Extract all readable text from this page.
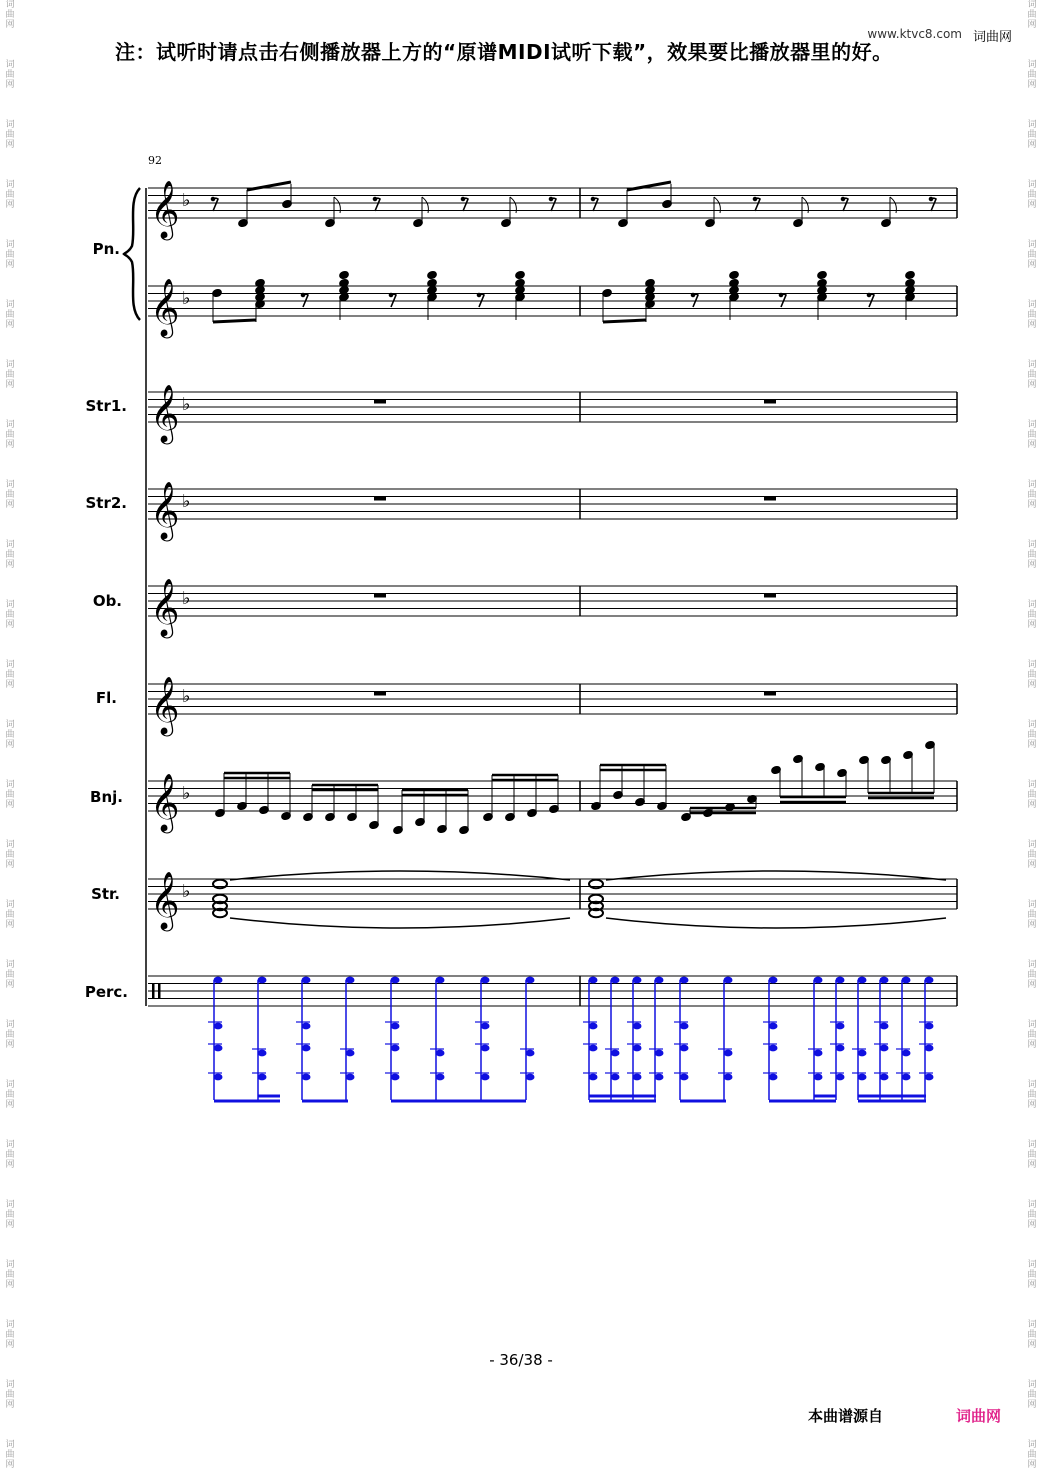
注：试听时请点击右侧播放器上方的“原谱MIDI试听下载”，效果要比播放器里的好。
www.ktvc8.com 词曲网
词
曲
网
词
曲
网
词
曲
网
词
曲
网
词
曲
网
词
曲
网
词
曲
网
词
曲
网
词
曲
网
词
曲
网
词
曲
网
词
曲
网
词
曲
网
词
曲
网
词
曲
网
词
曲
网
词
曲
网
词
曲
网
词
曲
网
词
曲
网
词
曲
网
词
曲
网
词
曲
网
词
曲
网
词
曲
网
词
曲
网
词
曲
网
词
曲
网
词
曲
网
词
曲
网
词
曲
网
词
曲
网
词
曲
网
词
曲
网
词
曲
网
词
曲
网
词
曲
网
词
曲
网
词
曲
网
词
曲
网
词
曲
网
词
曲
网
词
曲
网
词
曲
网
词
曲
网
词
曲
网
词
曲
网
词
曲
网
词
曲
网
词
曲
网
92
Pn.
Str1.
Str2.
Ob.
Fl.
Bnj.
Str.
Perc.
𝄞 ♭
𝄞 ♭
𝄞 ♭
𝄞 ♭
𝄞 ♭
𝄞 ♭
𝄞 ♭
𝄞 ♭
- 36/38 -
本曲谱源自	词曲网
